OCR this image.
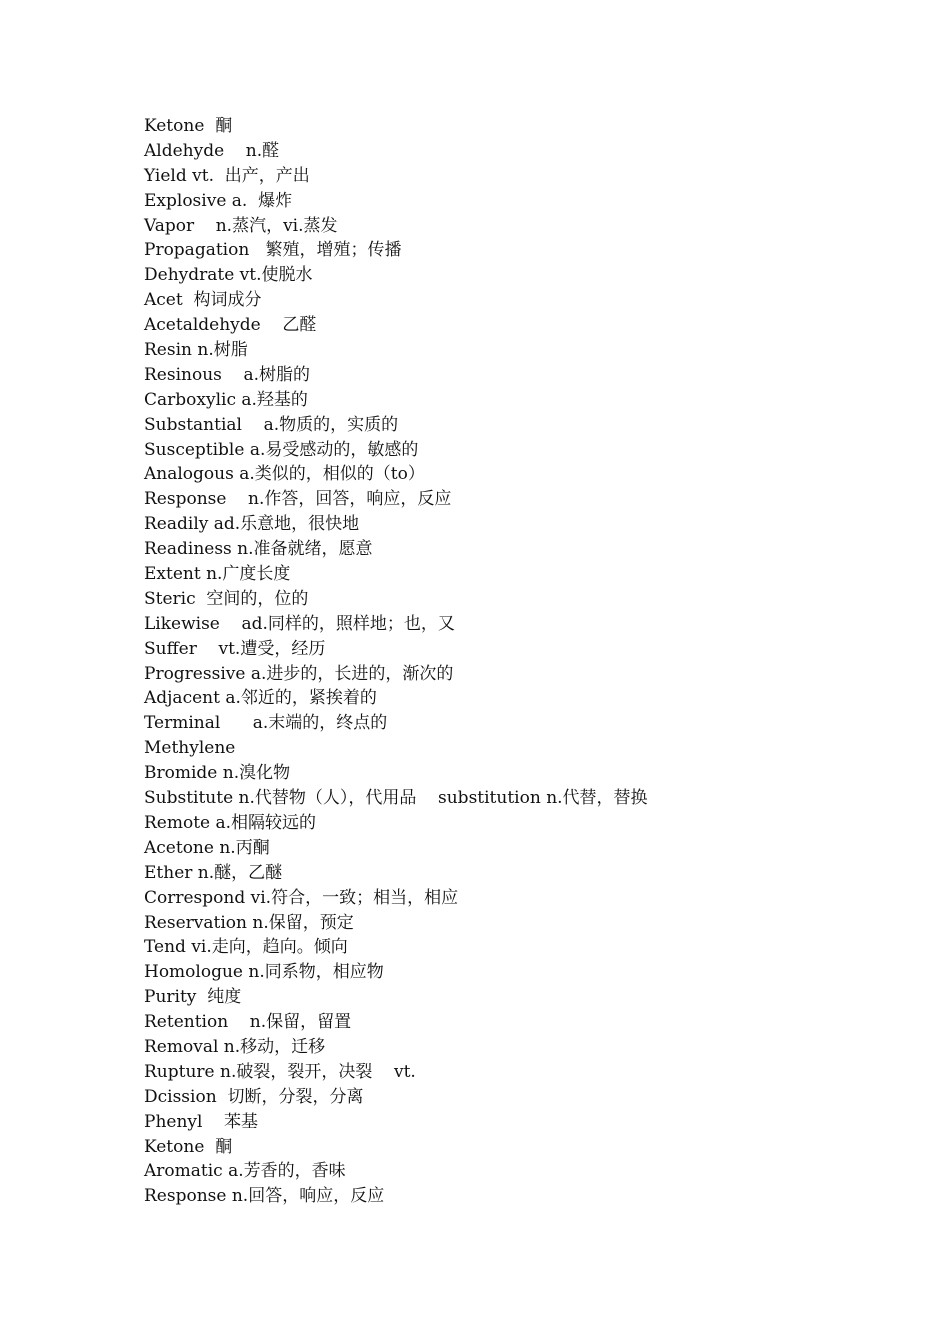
Ketone  酮
Aldehyde    n.醛
Yield vt.  出产，产出
Explosive a.  爆炸
Vapor    n.蒸汽，vi.蒸发
Propagation   繁殖，增殖；传播
Dehydrate vt.使脱水
Acet  构词成分
Acetaldehyde    乙醛
Resin n.树脂
Resinous    a.树脂的
Carboxylic a.羟基的
Substantial    a.物质的，实质的
Susceptible a.易受感动的，敏感的
Analogous a.类似的，相似的（to）
Response    n.作答，回答，响应，反应
Readily ad.乐意地，很快地
Readiness n.准备就绪，愿意
Extent n.广度长度
Steric  空间的，位的
Likewise    ad.同样的，照样地；也，又
Suffer    vt.遭受，经历
Progressive a.进步的，长进的，渐次的
Adjacent a.邻近的，紧挨着的
Terminal      a.末端的，终点的
Methylene
Bromide n.溴化物
Substitute n.代替物（人），代用品    substitution n.代替，替换
Remote a.相隔较远的
Acetone n.丙酮
Ether n.醚，乙醚
Correspond vi.符合，一致；相当，相应
Reservation n.保留，预定
Tend vi.走向，趋向。倾向
Homologue n.同系物，相应物
Purity  纯度
Retention    n.保留，留置
Removal n.移动，迁移
Rupture n.破裂，裂开，决裂    vt.
Dcission  切断，分裂，分离
Phenyl    苯基
Ketone  酮
Aromatic a.芳香的，香味
Response n.回答，响应，反应
